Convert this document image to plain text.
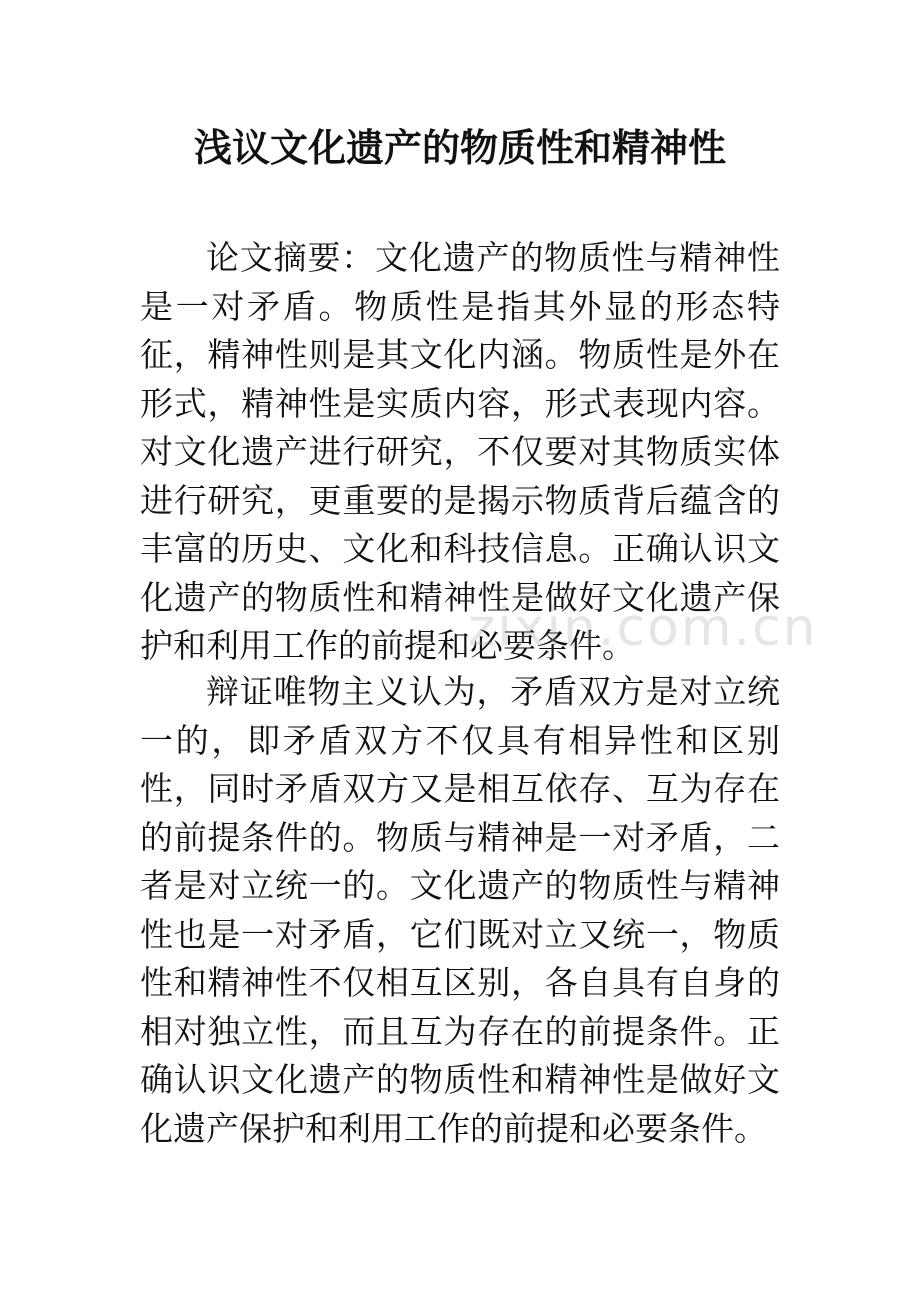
浅议文化遗产的物质性和精神性

论文摘要：文化遗产的物质性与精神性是一对矛盾。物质性是指其外显的形态特征，精神性则是其文化内涵。物质性是外在形式，精神性是实质内容，形式表现内容。对文化遗产进行研究，不仅要对其物质实体进行研究，更重要的是揭示物质背后蕴含的丰富的历史、文化和科技信息。正确认识文化遗产的物质性和精神性是做好文化遗产保护和利用工作的前提和必要条件。

辩证唯物主义认为，矛盾双方是对立统一的，即矛盾双方不仅具有相异性和区别性，同时矛盾双方又是相互依存、互为存在的前提条件的。物质与精神是一对矛盾，二者是对立统一的。文化遗产的物质性与精神性也是一对矛盾，它们既对立又统一，物质性和精神性不仅相互区别，各自具有自身的相对独立性，而且互为存在的前提条件。正确认识文化遗产的物质性和精神性是做好文化遗产保护和利用工作的前提和必要条件。

zixin.com.cn
